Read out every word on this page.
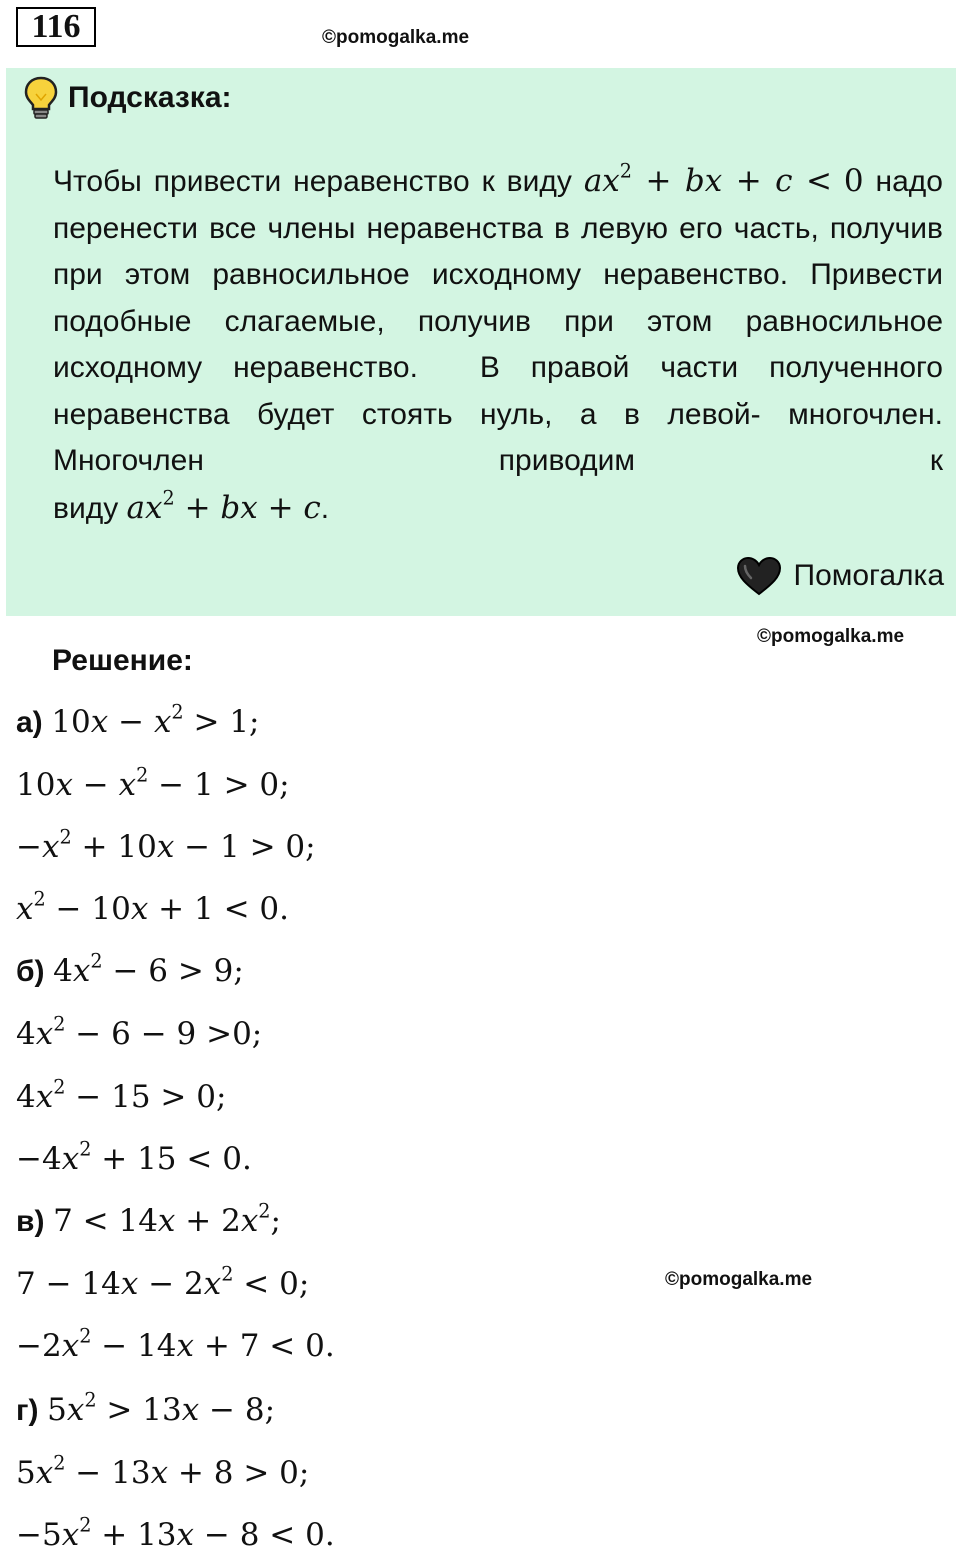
116	©pomogalka.me
Подсказка:
Чтобы привести неравенство к виду $ax^2$ + bx + c < 0 надо перенести все члены неравенства в левую его часть, получив при этом равносильное исходному неравенство. Привести подобные слагаемые, получив при этом равносильное исходному неравенство.  В правой части полученного неравенства будет стоять нуль, а в левой- многочлен. Многочлен приводим к
виду $ax^2$ + bx + c.
Помогалка
©pomogalka.me
Решение:
а) $10x - x^2 > 1$;
$10x - x^2 - 1 > 0$;
$-x^2 + 10x - 1 > 0$;
$x^2 - 10x + 1 < 0$.
б) $4x^2 - 6 > 9$;
$4x^2 - 6 - 9 >0$;
$4x^2 - 15 > 0$;
$-4x^2 + 15 < 0$.
в) $7 < 14x + 2x^2$;
$7 - 14x - 2x^2 < 0$;
$-2x^2 - 14x + 7 < 0$.
©pomogalka.me
г) $5x^2 > 13x - 8$;
$5x^2 - 13x + 8 > 0$;
$-5x^2 + 13x - 8 < 0$.
